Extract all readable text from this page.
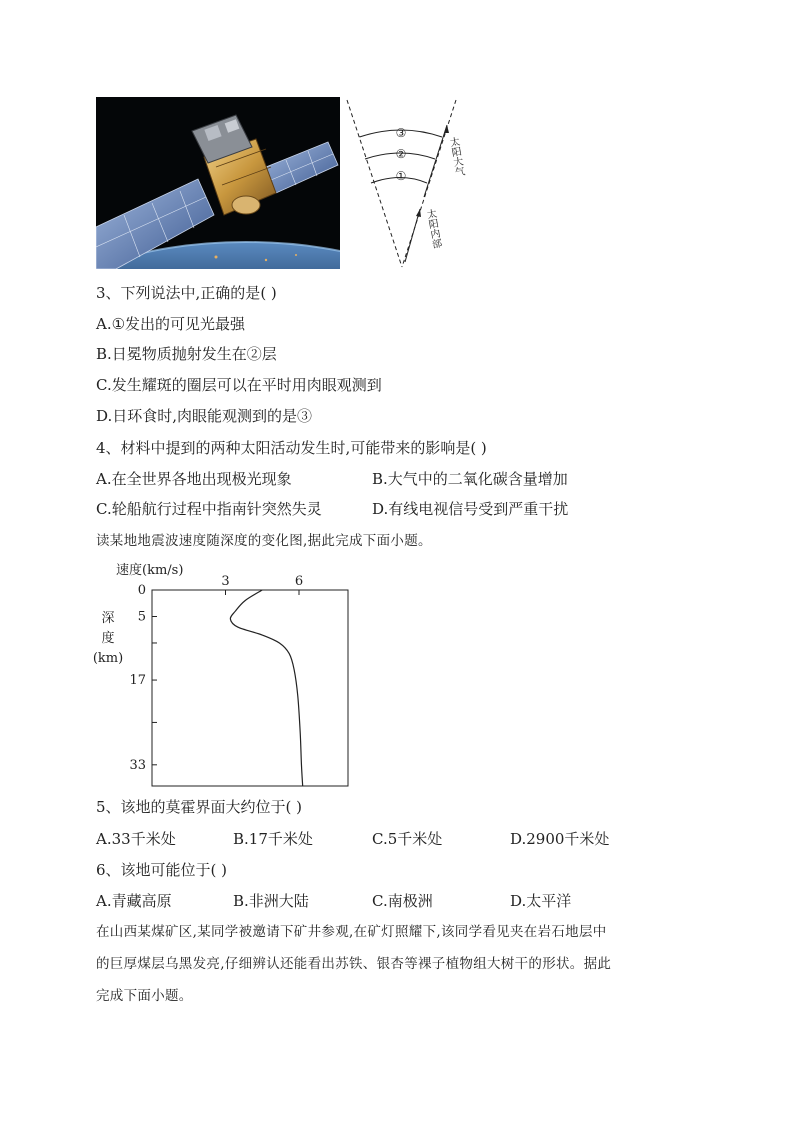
③
②
①	太阳大气
太阳内部
3、下列说法中,正确的是( )
A.①发出的可见光最强
B.日冕物质抛射发生在②层
C.发生耀斑的圈层可以在平时用肉眼观测到
D.日环食时,肉眼能观测到的是③
4、材料中提到的两种太阳活动发生时,可能带来的影响是( )
A.在全世界各地出现极光现象	B.大气中的二氧化碳含量增加
C.轮船航行过程中指南针突然失灵	D.有线电视信号受到严重干扰
读某地地震波速度随深度的变化图,据此完成下面小题。
速度(km/s)
深
度
(km)
3	6
0
5
17
33
5、该地的莫霍界面大约位于( )
A.33千米处	B.17千米处	C.5千米处	D.2900千米处
6、该地可能位于( )
A.青藏高原	B.非洲大陆	C.南极洲	D.太平洋
在山西某煤矿区,某同学被邀请下矿井参观,在矿灯照耀下,该同学看见夹在岩石地层中
的巨厚煤层乌黑发亮,仔细辨认还能看出苏铁、银杏等裸子植物组大树干的形状。据此
完成下面小题。
